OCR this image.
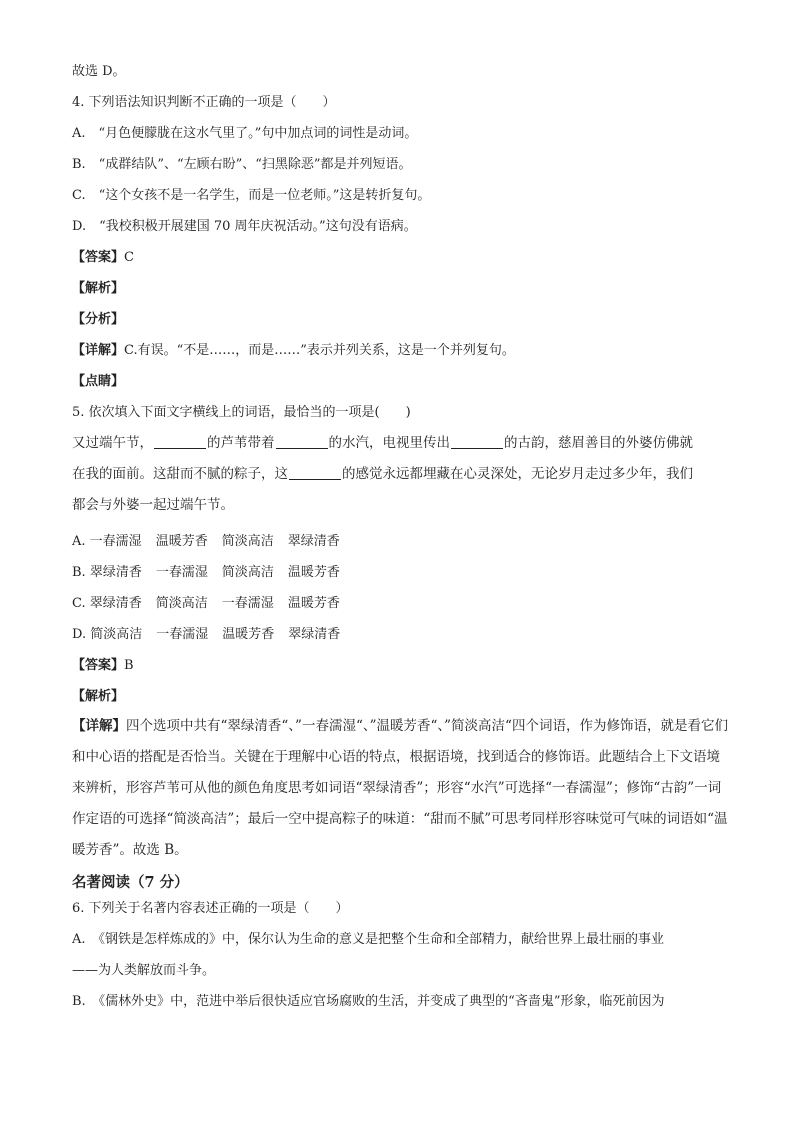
故选 D。

4. 下列语法知识判断不正确的一项是（　　）

A.　“月色便朦胧在这水气里了。”句中加点词的词性是动词。

B.　“成群结队”、“左顾右盼”、“扫黑除恶”都是并列短语。

C.　“这个女孩不是一名学生，而是一位老师。”这是转折复句。

D.　“我校积极开展建国 70 周年庆祝活动。”这句没有语病。

【答案】C

【解析】

【分析】

【详解】C.有误。“不是……，而是……”表示并列关系，这是一个并列复句。

【点睛】

5. 依次填入下面文字横线上的词语，最恰当的一项是(　　)

又过端午节，	的芦苇带着	的水汽，电视里传出	的古韵，慈眉善目的外婆仿佛就

在我的面前。这甜而不腻的粽子，这	的感觉永远都埋藏在心灵深处，无论岁月走过多少年，我们

都会与外婆一起过端午节。

A. 一春濡湿 温暖芳香 简淡高洁 翠绿清香

B. 翠绿清香 一春濡湿 简淡高洁 温暖芳香

C. 翠绿清香 简淡高洁 一春濡湿 温暖芳香

D. 简淡高洁 一春濡湿 温暖芳香 翠绿清香

【答案】B

【解析】

【详解】四个选项中共有“翠绿清香“、”一春濡湿“、”温暖芳香“、”简淡高洁“四个词语，作为修饰语，就是看它们和中心语的搭配是否恰当。关键在于理解中心语的特点，根据语境，找到适合的修饰语。此题结合上下文语境来辨析，形容芦苇可从他的颜色角度思考如词语“翠绿清香”；形容“水汽”可选择“一春濡湿”；修饰“古韵”一词作定语的可选择“简淡高洁”；最后一空中提高粽子的味道：“甜而不腻”可思考同样形容味觉可气味的词语如“温暖芳香”。故选 B。

名著阅读（7 分）

6. 下列关于名著内容表述正确的一项是（　　）

A.　《钢铁是怎样炼成的》中，保尔认为生命的意义是把整个生命和全部精力，献给世界上最壮丽的事业

——为人类解放而斗争。

B.　《儒林外史》中，范进中举后很快适应官场腐败的生活，并变成了典型的“吝啬鬼”形象，临死前因为
